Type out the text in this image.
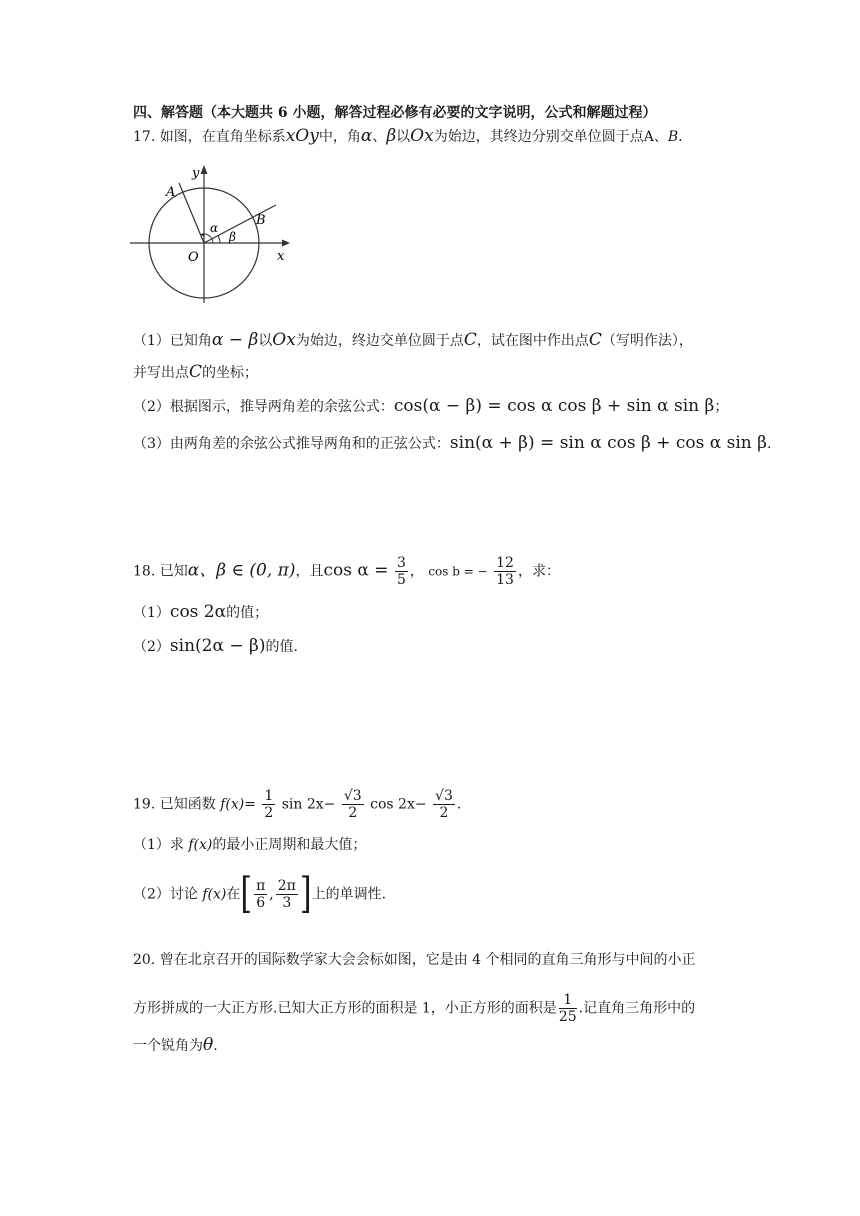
四、解答题（本大题共 6 小题，解答过程必修有必要的文字说明，公式和解题过程）
17. 如图，在直角坐标系xOy中，角α、β以Ox为始边，其终边分别交单位圆于点A、B.
y
A
B
α
β
O	x
（1）已知角α − β以Ox为始边，终边交单位圆于点C，试在图中作出点C（写明作法），
并写出点C的坐标；
（2）根据图示，推导两角差的余弦公式：cos(α − β) = cos α cos β + sin α sin β；
（3）由两角差的余弦公式推导两角和的正弦公式：sin(α + β) = sin α cos β + cos α sin β.
18. 已知α、β ∈ (0, π)，且$\cos \alpha = \frac{3}{5}$ ， cos b = − $\frac{12}{13}$ ，求：
（1）cos 2α的值；
（2）sin(2α − β)的值.
19. 已知函数 $f(x)= \frac{1}{2}$ $\sin 2x- \frac{√3}{2}$ $\cos 2x- \frac{√3}{2}$ .
（1）求 f(x)的最小正周期和最大值；
（2）讨论 f(x)在[ $\frac{\pi}{6}$ , $\frac{2\pi}{3}$ ]上的单调性.
20. 曾在北京召开的国际数学家大会会标如图，它是由 4 个相同的直角三角形与中间的小正
方形拼成的一大正方形.已知大正方形的面积是 1，小正方形的面积是 $\frac{1}{25}$ .记直角三角形中的
一个锐角为θ.
